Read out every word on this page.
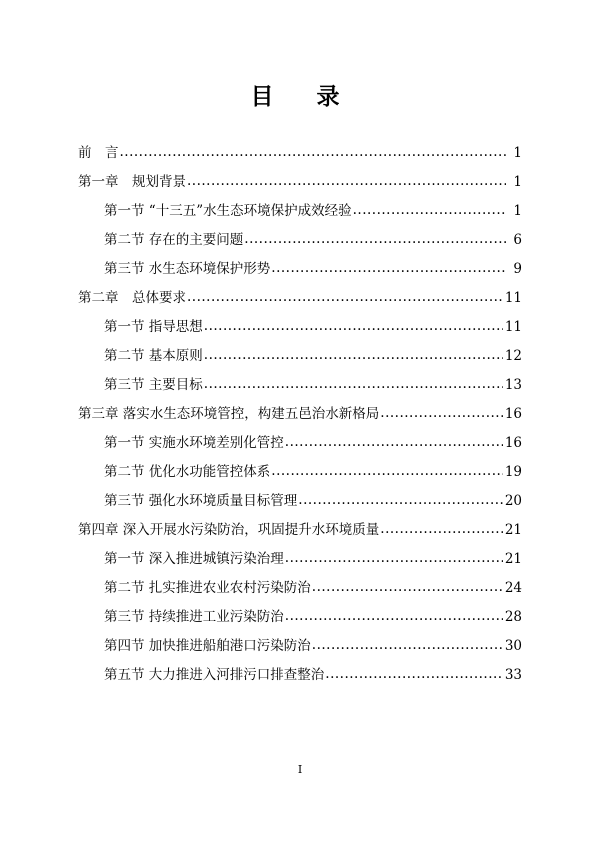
目　录
前　言 .....	1
第一章　规划背景 .....	1
第一节 “十三五”水生态环境保护成效经验 .....	1
第二节 存在的主要问题 .....	6
第三节 水生态环境保护形势 .....	9
第二章　总体要求 .....	11
第一节 指导思想 .....	11
第二节 基本原则 .....	12
第三节 主要目标 .....	13
第三章 落实水生态环境管控，构建五邑治水新格局 .....	16
第一节 实施水环境差别化管控 .....	16
第二节 优化水功能管控体系 .....	19
第三节 强化水环境质量目标管理 .....	20
第四章 深入开展水污染防治，巩固提升水环境质量 .....	21
第一节 深入推进城镇污染治理 .....	21
第二节 扎实推进农业农村污染防治 .....	24
第三节 持续推进工业污染防治 .....	28
第四节 加快推进船舶港口污染防治 .....	30
第五节 大力推进入河排污口排查整治 .....	33
I
